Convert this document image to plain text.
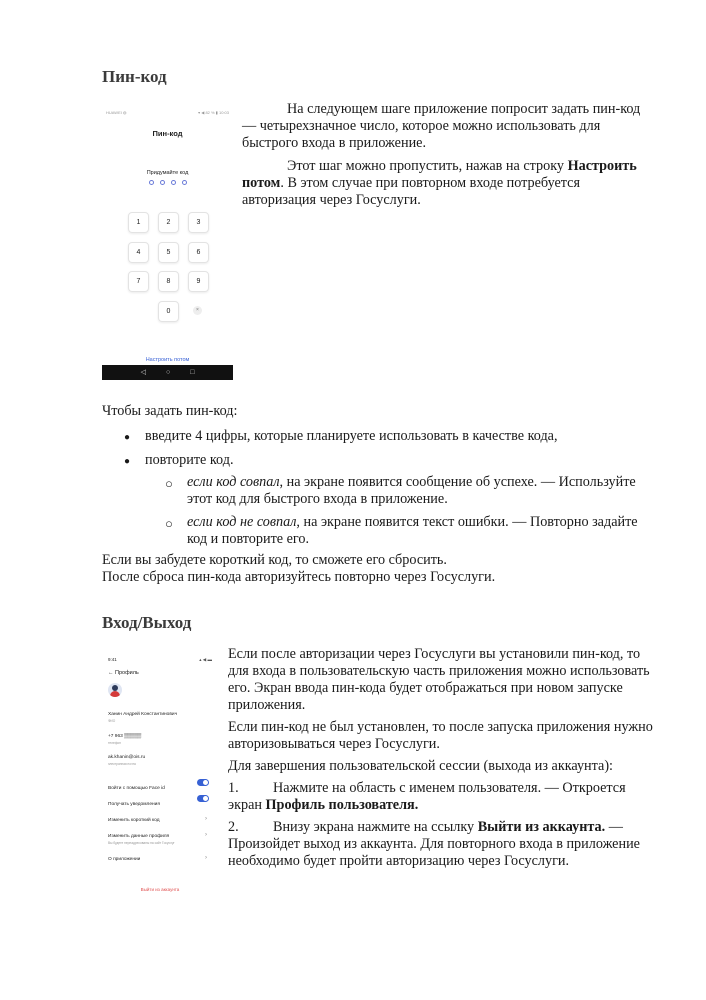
Пин-код
HUAWEI ◍	▾ ◀ 82 % ▮ 10:03
Пин-код
Придумайте код
1	2	3
4	5	6
7	8	9
0	×
Настроить потом
◁	○	□

На следующем шаге приложение попросит задать пин-код — четырехзначное число, которое можно использовать для быстрого входа в приложение.

Этот шаг можно пропустить, нажав на строку Настроить потом. В этом случае при повторном входе потребуется авторизация через Госуслуги.

Чтобы задать пин-код:

● введите 4 цифры, которые планируете использовать в качестве кода,

● повторите код.

○ если код совпал, на экране появится сообщение об успехе. — Используйте этот код для быстрого входа в приложение.

○ если код не совпал, на экране появится текст ошибки. — Повторно задайте код и повторите его.

Если вы забудете короткий код, то сможете его сбросить.

После сброса пин-кода авторизуйтесь повторно через Госуслуги.

Вход/Выход
9:41	▴ ◀ ▬
← Профиль
Ханин Андрей Константинович
ФИО
+7 963 ▒▒▒▒▒
телефон
ak.khanin@ois.ru
электронная почта
Войти с помощью Face id
Получать уведомления
Изменить короткий код	›
Изменить данные профиля	›
Вы будете переадресованы на сайт Госуслуг
О приложении	›
Выйти из аккаунта

Если после авторизации через Госуслуги вы установили пин-код, то для входа в пользовательскую часть приложения можно использовать его. Экран ввода пин-кода будет отображаться при новом запуске приложения.

Если пин-код не был установлен, то после запуска приложения нужно авторизовываться через Госуслуги.

Для завершения пользовательской сессии (выхода из аккаунта):

1. Нажмите на область с именем пользователя. — Откроется экран Профиль пользователя.

2. Внизу экрана нажмите на ссылку Выйти из аккаунта. — Произойдет выход из аккаунта. Для повторного входа в приложение необходимо будет пройти авторизацию через Госуслуги.
